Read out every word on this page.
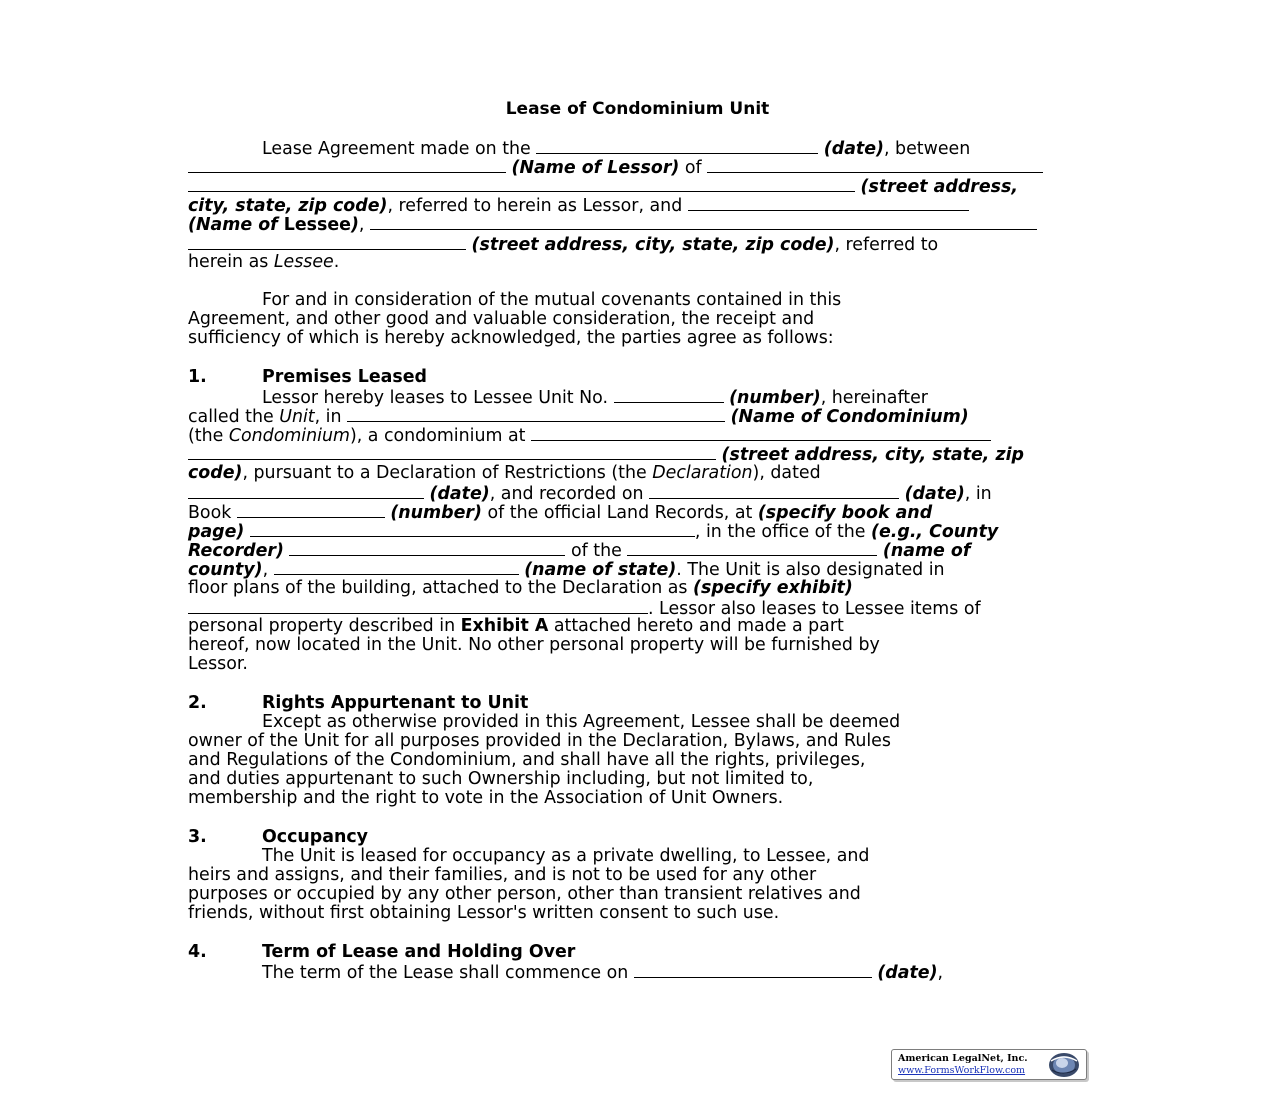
Lease of Condominium Unit
Lease Agreement made on the	(date), between
(Name of Lessor) of
(street address,
city, state, zip code), referred to herein as Lessor, and
(Name of Lessee),
(street address, city, state, zip code), referred to
herein as Lessee.
For and in consideration of the mutual covenants contained in this
Agreement, and other good and valuable consideration, the receipt and
sufficiency of which is hereby acknowledged, the parties agree as follows:
1.	Premises Leased
Lessor hereby leases to Lessee Unit No.	(number), hereinafter
called the Unit, in	(Name of Condominium)
(the Condominium), a condominium at
(street address, city, state, zip
code), pursuant to a Declaration of Restrictions (the Declaration), dated
(date), and recorded on	(date), in
Book	(number) of the official Land Records, at (specify book and
page)	, in the office of the (e.g., County
Recorder)	of the	(name of
county),	(name of state). The Unit is also designated in
floor plans of the building, attached to the Declaration as (specify exhibit)
. Lessor also leases to Lessee items of
personal property described in Exhibit A attached hereto and made a part
hereof, now located in the Unit. No other personal property will be furnished by
Lessor.
2.	Rights Appurtenant to Unit
Except as otherwise provided in this Agreement, Lessee shall be deemed
owner of the Unit for all purposes provided in the Declaration, Bylaws, and Rules
and Regulations of the Condominium, and shall have all the rights, privileges,
and duties appurtenant to such Ownership including, but not limited to,
membership and the right to vote in the Association of Unit Owners.
3.	Occupancy
The Unit is leased for occupancy as a private dwelling, to Lessee, and
heirs and assigns, and their families, and is not to be used for any other
purposes or occupied by any other person, other than transient relatives and
friends, without first obtaining Lessor's written consent to such use.
4.	Term of Lease and Holding Over
The term of the Lease shall commence on	(date),
American LegalNet, Inc.
www.FormsWorkFlow.com
